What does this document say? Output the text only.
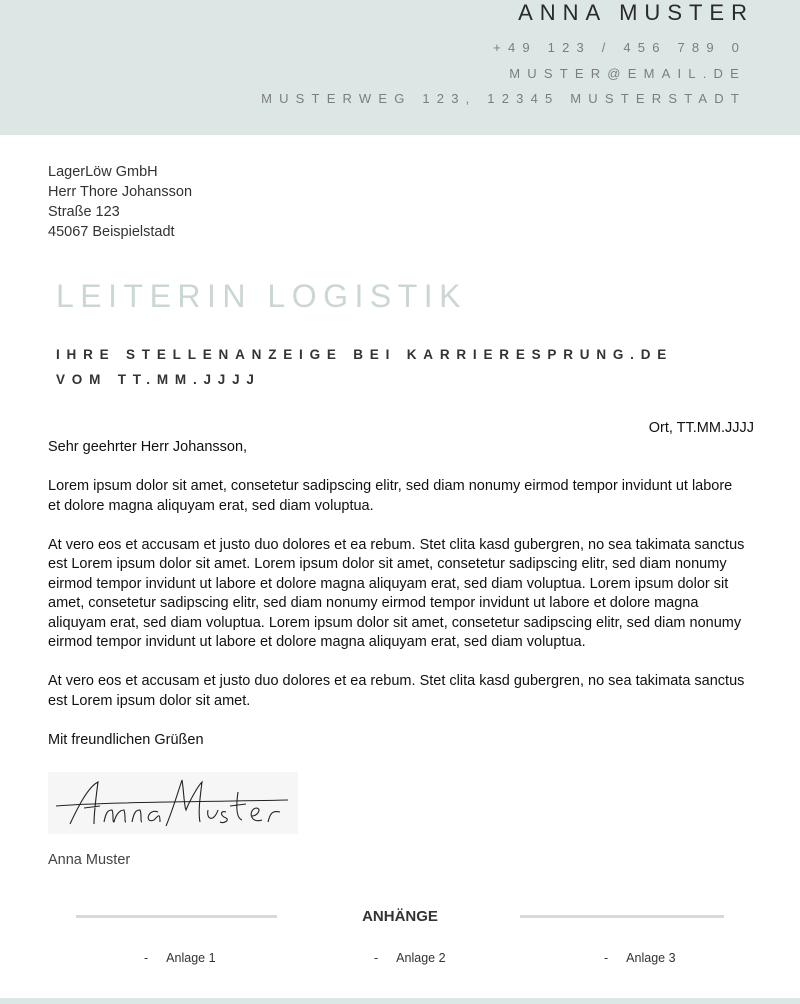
ANNA MUSTER
+49 123 / 456 789 0
MUSTER@EMAIL.DE
MUSTERWEG 123, 12345 MUSTERSTADT
LagerLöw GmbH
Herr Thore Johansson
Straße 123
45067 Beispielstadt
LEITERIN LOGISTIK
IHRE STELLENANZEIGE BEI KARRIERESPRUNG.DE
VOM TT.MM.JJJJ
Ort, TT.MM.JJJJ

Sehr geehrter Herr Johansson,

Lorem ipsum dolor sit amet, consetetur sadipscing elitr, sed diam nonumy eirmod tempor invidunt ut labore et dolore magna aliquyam erat, sed diam voluptua.

At vero eos et accusam et justo duo dolores et ea rebum. Stet clita kasd gubergren, no sea takimata sanctus est Lorem ipsum dolor sit amet. Lorem ipsum dolor sit amet, consetetur sadipscing elitr, sed diam nonumy eirmod tempor invidunt ut labore et dolore magna aliquyam erat, sed diam voluptua. Lorem ipsum dolor sit amet, consetetur sadipscing elitr, sed diam nonumy eirmod tempor invidunt ut labore et dolore magna aliquyam erat, sed diam voluptua. Lorem ipsum dolor sit amet, consetetur sadipscing elitr, sed diam nonumy eirmod tempor invidunt ut labore et dolore magna aliquyam erat, sed diam voluptua.

At vero eos et accusam et justo duo dolores et ea rebum. Stet clita kasd gubergren, no sea takimata sanctus est Lorem ipsum dolor sit amet.

Mit freundlichen Grüßen

Anna Muster
ANHÄNGE
- Anlage 1	- Anlage 2	- Anlage 3
